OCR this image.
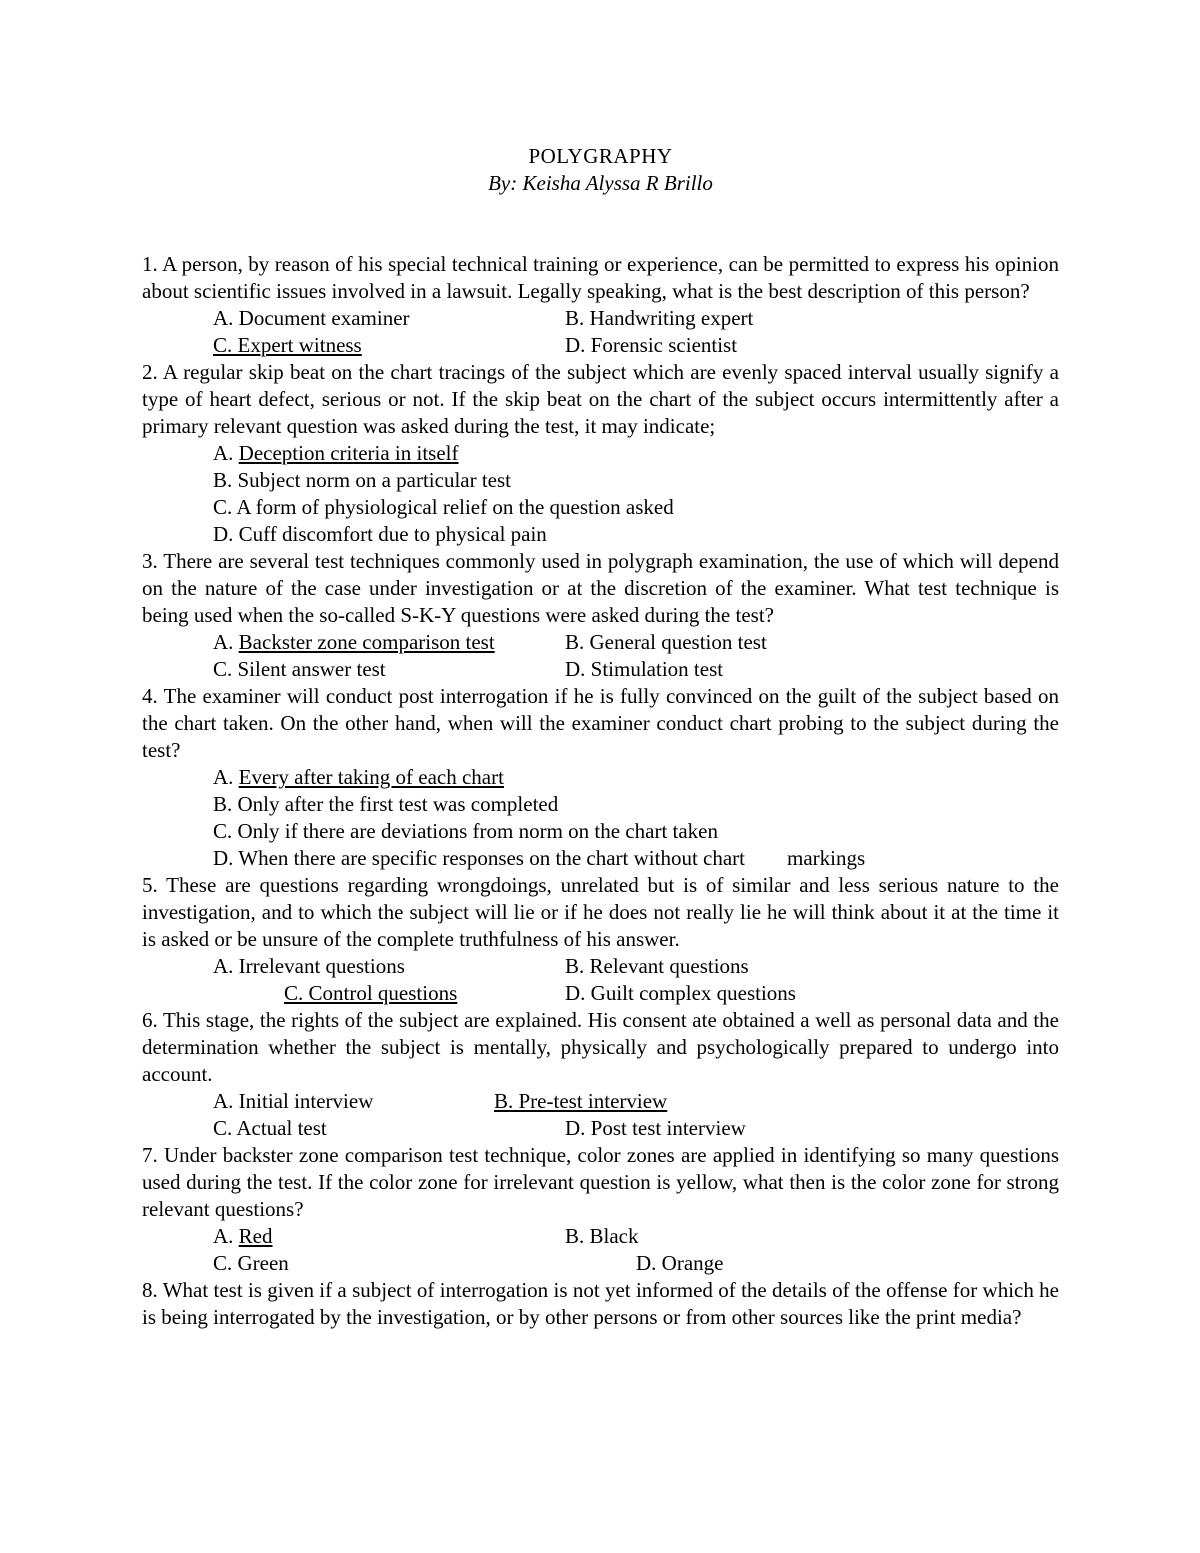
POLYGRAPHY

By: Keisha Alyssa R Brillo

1. A person, by reason of his special technical training or experience, can be permitted to express his opinion about scientific issues involved in a lawsuit. Legally speaking, what is the best description of this person?

A. Document examiner	B. Handwriting expert
C. Expert witness	D. Forensic scientist

2. A regular skip beat on the chart tracings of the subject which are evenly spaced interval usually signify a type of heart defect, serious or not. If the skip beat on the chart of the subject occurs intermittently after a primary relevant question was asked during the test, it may indicate;

A. Deception criteria in itself
B. Subject norm on a particular test
C. A form of physiological relief on the question asked
D. Cuff discomfort due to physical pain

3. There are several test techniques commonly used in polygraph examination, the use of which will depend on the nature of the case under investigation or at the discretion of the examiner. What test technique is being used when the so-called S-K-Y questions were asked during the test?

A. Backster zone comparison test	B. General question test
C. Silent answer test	D. Stimulation test

4. The examiner will conduct post interrogation if he is fully convinced on the guilt of the subject based on the chart taken. On the other hand, when will the examiner conduct chart probing to the subject during the test?

A. Every after taking of each chart
B. Only after the first test was completed
C. Only if there are deviations from norm on the chart taken
D. When there are specific responses on the chart without chart        markings

5. These are questions regarding wrongdoings, unrelated but is of similar and less serious nature to the investigation, and to which the subject will lie or if he does not really lie he will think about it at the time it is asked or be unsure of the complete truthfulness of his answer.

A. Irrelevant questions	B. Relevant questions
C. Control questions	D. Guilt complex questions

6. This stage, the rights of the subject are explained. His consent ate obtained a well as personal data and the determination whether the subject is mentally, physically and psychologically prepared to undergo into account.

A. Initial interview	B. Pre-test interview
C. Actual test	D. Post test interview

7. Under backster zone comparison test technique, color zones are applied in identifying so many questions used during the test. If the color zone for irrelevant question is yellow, what then is the color zone for strong relevant questions?

A. Red	B. Black
C. Green	D. Orange

8. What test is given if a subject of interrogation is not yet informed of the details of the offense for which he is being interrogated by the investigation, or by other persons or from other sources like the print media?
